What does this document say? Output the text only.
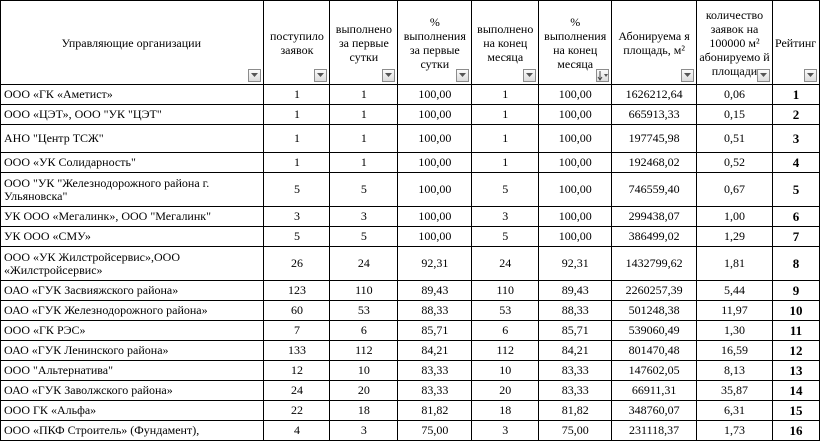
Управляющие организации	поступило заявок	выполнено за первые сутки	% выполнения за первые сутки	выполнено на конец месяца	% выполнения на конец месяца	Абонируема я площадь, м²	количество заявок на 100000 м² абонируемо й площади	Рейтинг

ООО «ГК «Аметист»	1	1	100,00	1	100,00	1626212,64	0,06	1
ООО «ЦЭТ», ООО "УК "ЦЭТ"	1	1	100,00	1	100,00	665913,33	0,15	2
АНО "Центр ТСЖ"	1	1	100,00	1	100,00	197745,98	0,51	3
ООО «УК Солидарность"	1	1	100,00	1	100,00	192468,02	0,52	4
ООО "УК "Железнодорожного района г. Ульяновска"	5	5	100,00	5	100,00	746559,40	0,67	5
УК ООО «Мегалинк», ООО "Мегалинк"	3	3	100,00	3	100,00	299438,07	1,00	6
УК ООО «СМУ»	5	5	100,00	5	100,00	386499,02	1,29	7
ООО «УК Жилстройсервис»,ООО «Жилстройсервис»	26	24	92,31	24	92,31	1432799,62	1,81	8
ОАО «ГУК Засвияжского района»	123	110	89,43	110	89,43	2260257,39	5,44	9
ОАО «ГУК Железнодорожного района»	60	53	88,33	53	88,33	501248,38	11,97	10
ООО «ГК РЭС»	7	6	85,71	6	85,71	539060,49	1,30	11
ОАО «ГУК Ленинского района»	133	112	84,21	112	84,21	801470,48	16,59	12
ООО "Альтернатива"	12	10	83,33	10	83,33	147602,05	8,13	13
ОАО «ГУК Заволжского района»	24	20	83,33	20	83,33	66911,31	35,87	14
ООО ГК «Альфа»	22	18	81,82	18	81,82	348760,07	6,31	15
ООО «ПКФ Строитель» (Фундамент),	4	3	75,00	3	75,00	231118,37	1,73	16
